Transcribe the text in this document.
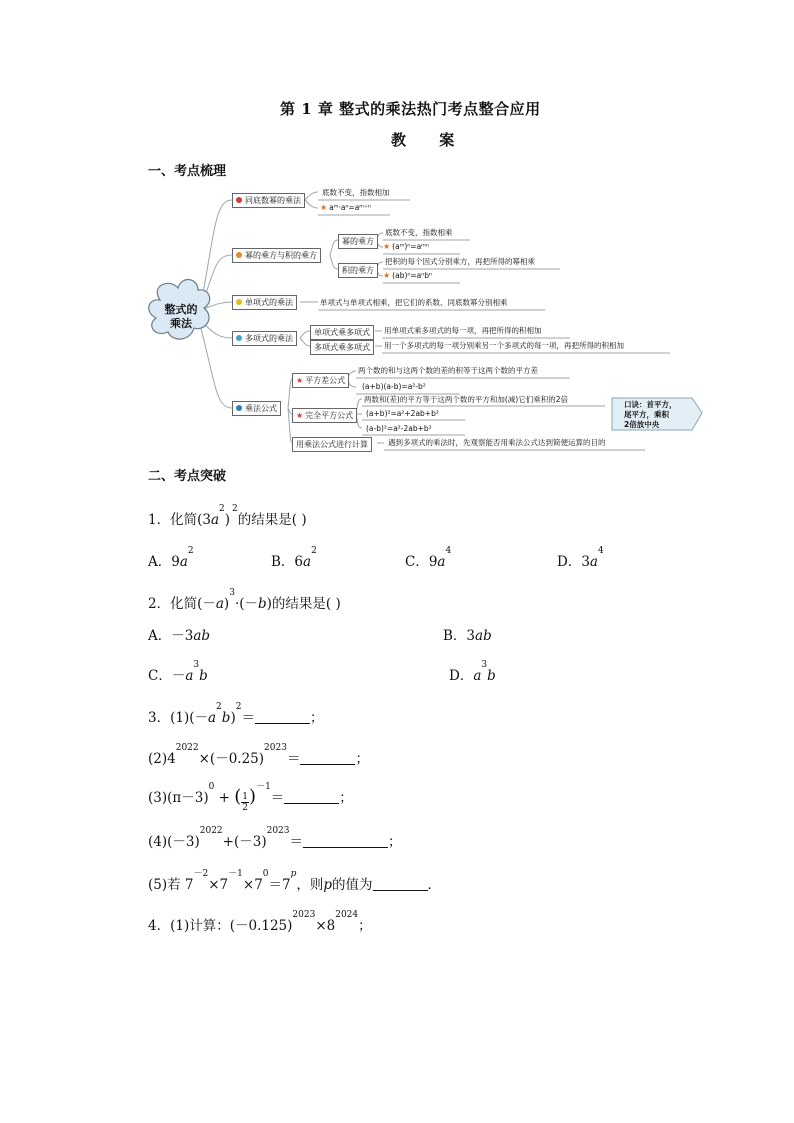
第 1 章 整式的乘法热门考点整合应用
教 案
一、考点梳理
整式的
乘法
同底数幂的乘法
底数不变，指数相加
★ aᵐ·aⁿ=aᵐ⁺ⁿ
幂的乘方与积的乘方
幂的乘方
底数不变，指数相乘
★ (aᵐ)ⁿ=aᵐⁿ
积的乘方
把积的每个因式分别乘方，再把所得的幂相乘
★ (ab)ⁿ=aⁿbⁿ
单项式的乘法	单项式与单项式相乘，把它们的系数、同底数幂分别相乘
多项式的乘法
单项式乘多项式	用单项式乘多项式的每一项，再把所得的积相加
多项式乘多项式	用一个多项式的每一项分别乘另一个多项式的每一项，再把所得的积相加
乘法公式
★ 平方差公式
两个数的和与这两个数的差的积等于这两个数的平方差
(a+b)(a-b)=a²-b²
★ 完全平方公式
两数和(差)的平方等于这两个数的平方和加(减)它们乘积的2倍
(a+b)²=a²+2ab+b²
(a-b)²=a²-2ab+b²
用乘法公式进行计算	遇到多项式的乘法时，先观察能否用乘法公式达到简便运算的目的
口诀：首平方，
尾平方，乘积
2倍放中央
二、考点突破
1．化简$(3a^2)^2$的结果是( )
A．$9a^2$
B．$6a^2$
C．$9a^4$
D．$3a^4$
2．化简$(-a)^3\cdot(-b)$的结果是( )
A．－3ab	B．3ab
C．$-a^3b$	D．$a^3b$
3．$(1)(-a^2b)^2=$	；
$(2)4^{2022}\times(-0.25)^{2023}=$	；
$(3)(\pi-3)^0$ + ( $\frac{1}{2} )^{-1}=$	；
$(4)(-3)^{2022}+(-3)^{2023}=$	；
(5)若 $7^{-2}\times 7^{-1}\times 7^0=7^p$，则p的值为	．
4．(1)计算：$(-0.125)^{2023}\times 8^{2024}$；
